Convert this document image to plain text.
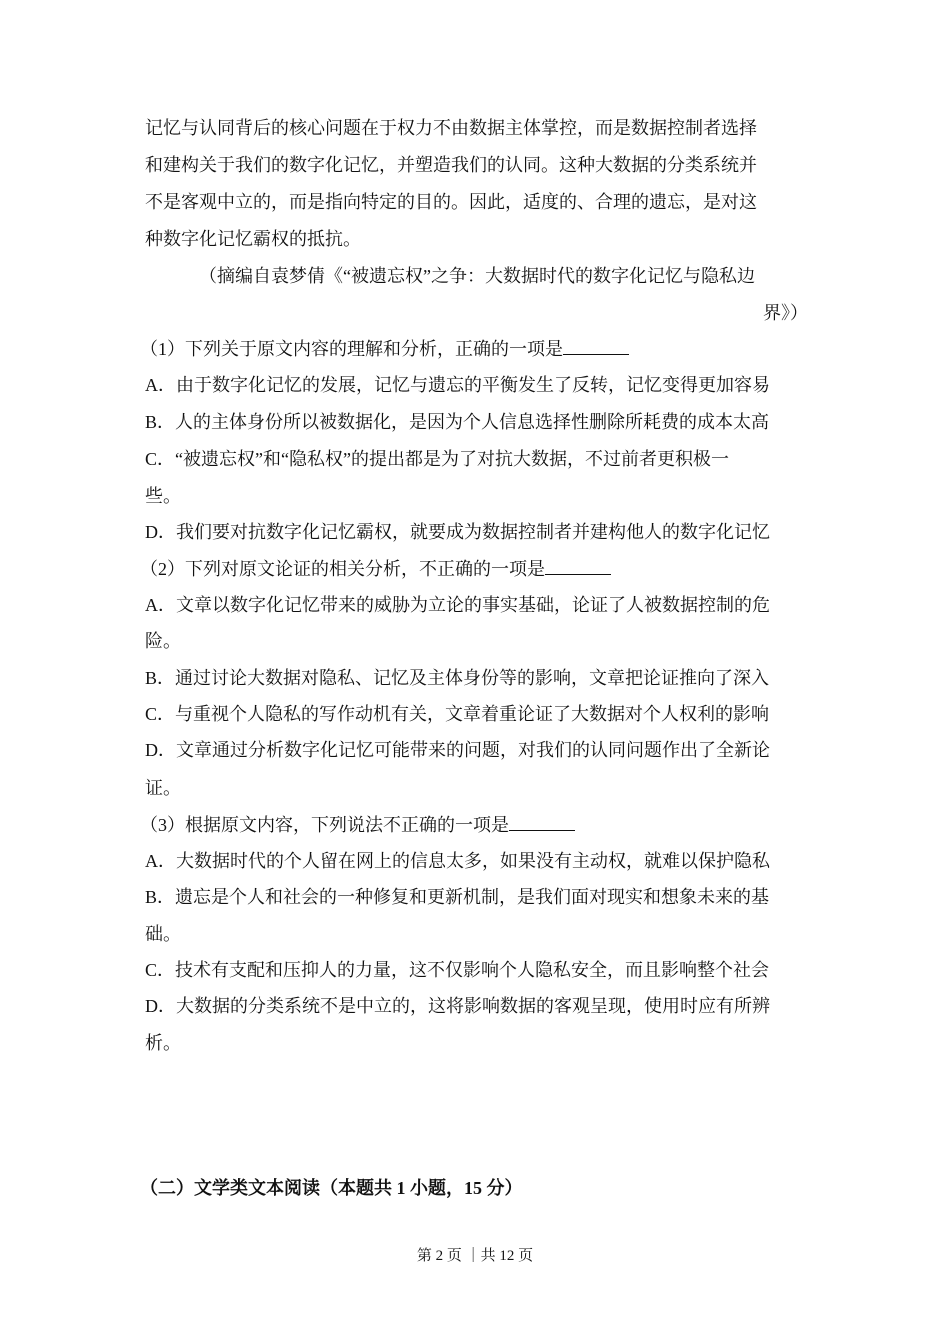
记忆与认同背后的核心问题在于权力不由数据主体掌控，而是数据控制者选择
和建构关于我们的数字化记忆，并塑造我们的认同。这种大数据的分类系统并
不是客观中立的，而是指向特定的目的。因此，适度的、合理的遗忘，是对这
种数字化记忆霸权的抵抗。
（摘编自袁梦倩《“被遗忘权”之争：大数据时代的数字化记忆与隐私边
界》）
（1）下列关于原文内容的理解和分析，正确的一项是
A．由于数字化记忆的发展，记忆与遗忘的平衡发生了反转，记忆变得更加容易
B．人的主体身份所以被数据化，是因为个人信息选择性删除所耗费的成本太高
C．“被遗忘权”和“隐私权”的提出都是为了对抗大数据，不过前者更积极一
些。
D．我们要对抗数字化记忆霸权，就要成为数据控制者并建构他人的数字化记忆
（2）下列对原文论证的相关分析，不正确的一项是
A．文章以数字化记忆带来的威胁为立论的事实基础，论证了人被数据控制的危
险。
B．通过讨论大数据对隐私、记忆及主体身份等的影响，文章把论证推向了深入
C．与重视个人隐私的写作动机有关，文章着重论证了大数据对个人权利的影响
D．文章通过分析数字化记忆可能带来的问题，对我们的认同问题作出了全新论
证。
（3）根据原文内容，下列说法不正确的一项是
A．大数据时代的个人留在网上的信息太多，如果没有主动权，就难以保护隐私
B．遗忘是个人和社会的一种修复和更新机制，是我们面对现实和想象未来的基
础。
C．技术有支配和压抑人的力量，这不仅影响个人隐私安全，而且影响整个社会
D．大数据的分类系统不是中立的，这将影响数据的客观呈现，使用时应有所辨
析。
（二）文学类文本阅读（本题共 1 小题，15 分）
第 2 页 ｜共 12 页
